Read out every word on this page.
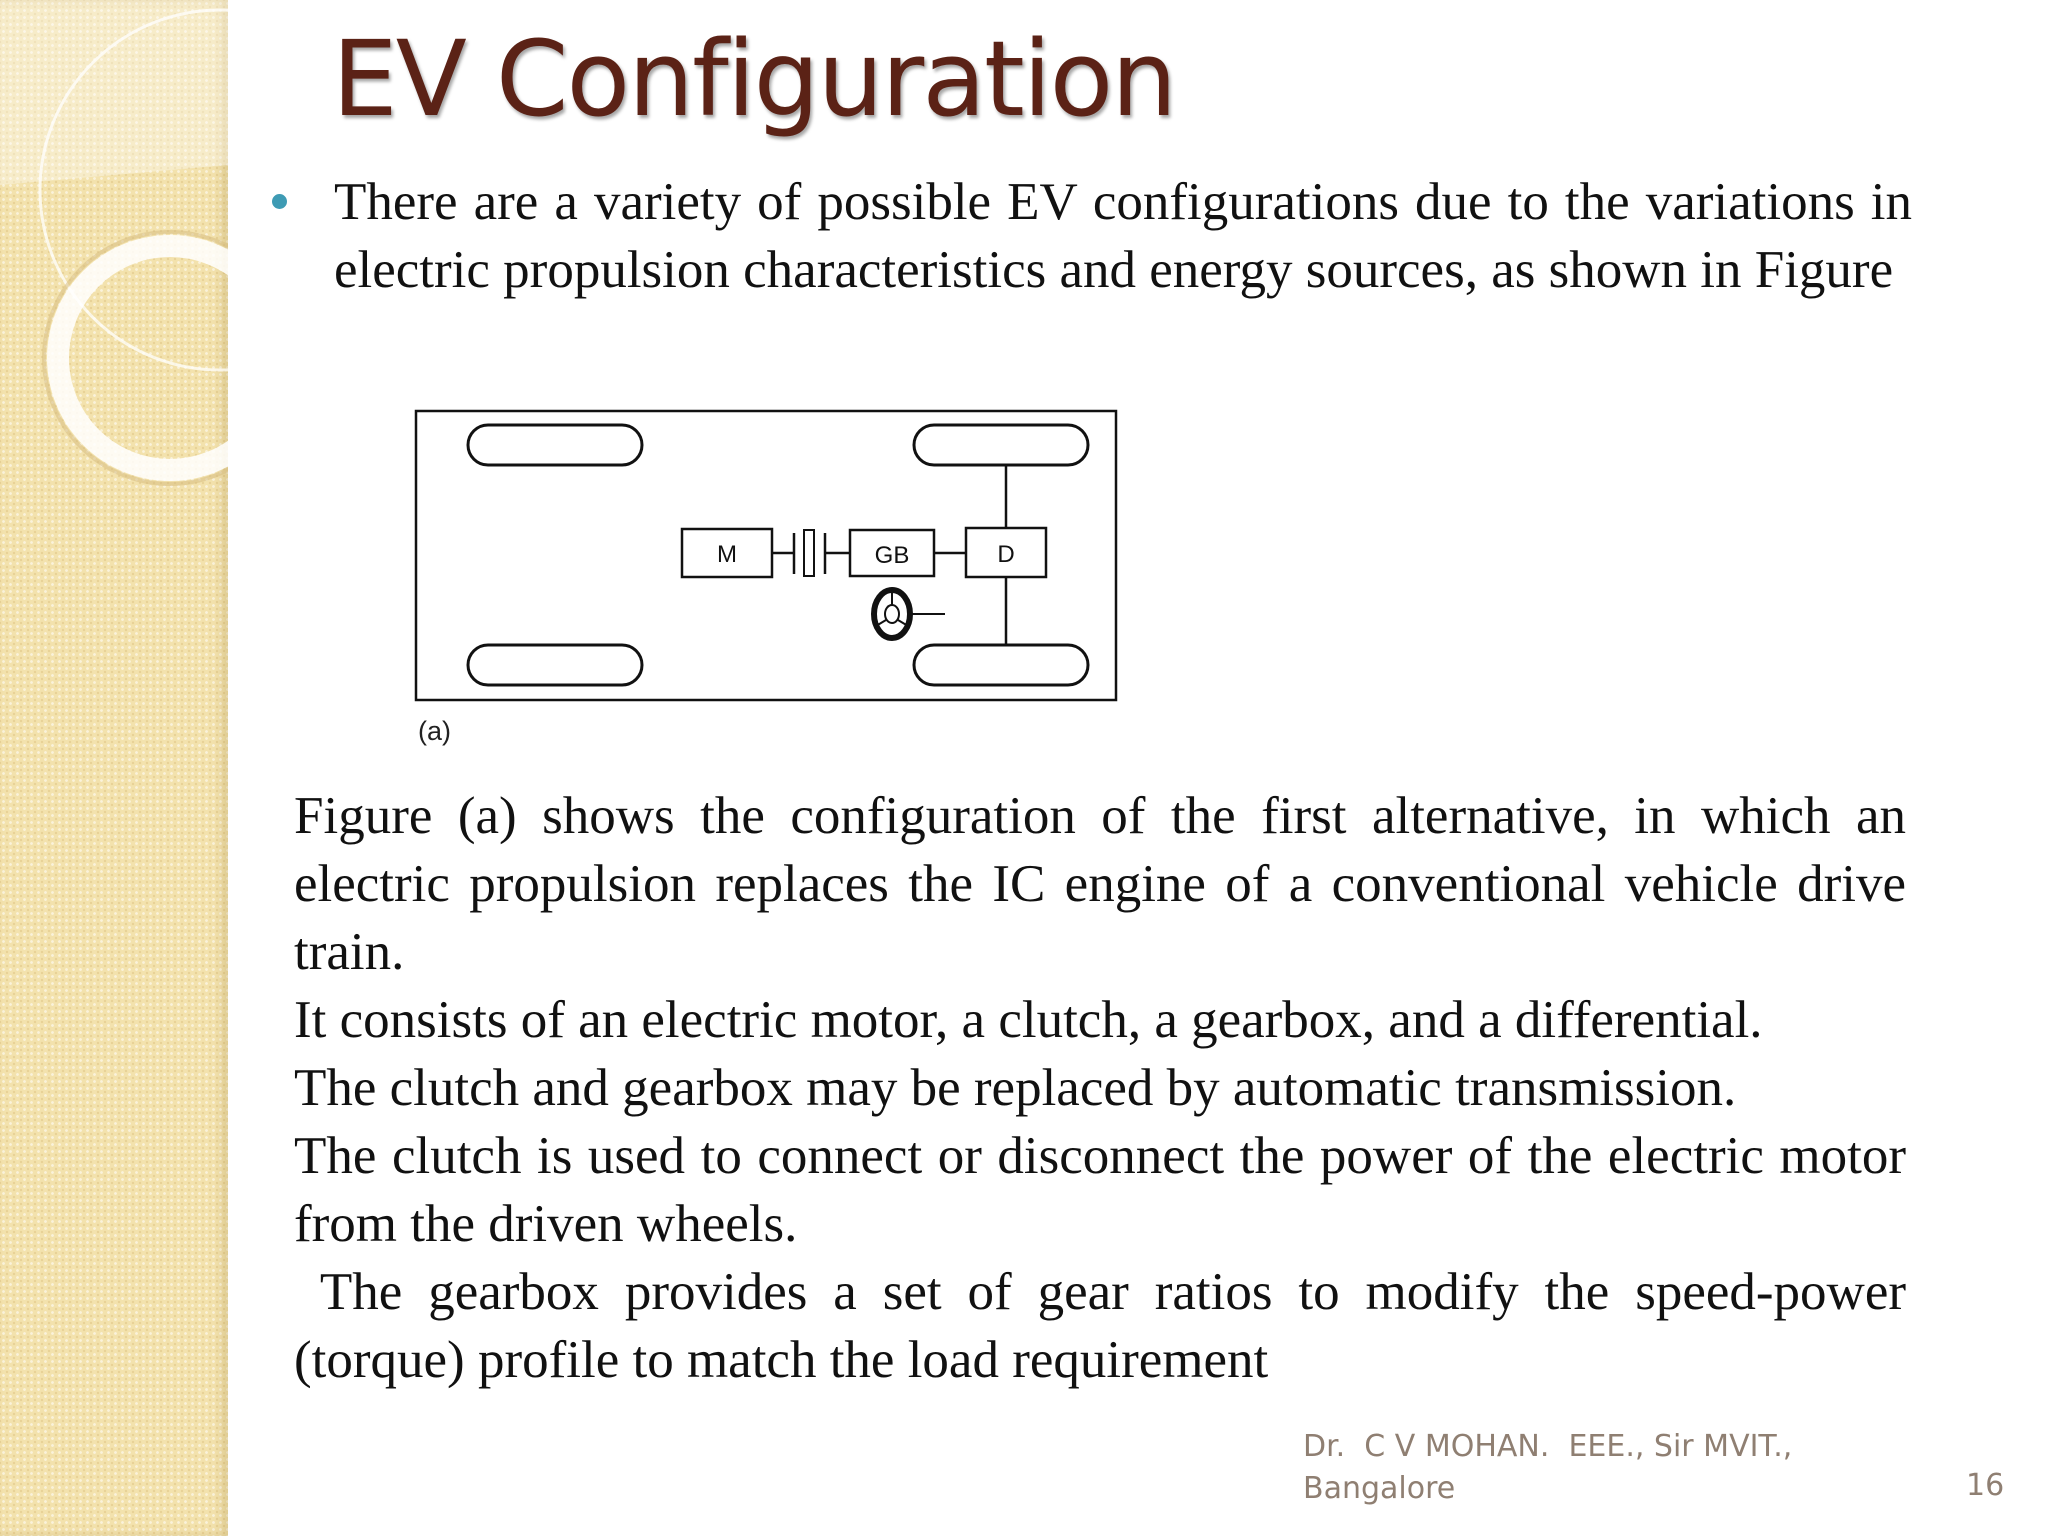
EV Configuration

There are a variety of possible EV configurations due to the variations in electric propulsion characteristics and energy sources, as shown in Figure

M	GB	D
(a)

Figure (a) shows the configuration of the first alternative, in which an electric propulsion replaces the IC engine of a conventional vehicle drive train.

It consists of an electric motor, a clutch, a gearbox, and a differential.

The clutch and gearbox may be replaced by automatic transmission.

The clutch is used to connect or disconnect the power of the electric motor from the driven wheels.

The gearbox provides a set of gear ratios to modify the speed-power (torque) profile to match the load requirement

Dr.  C V MOHAN.  EEE., Sir MVIT.,
Bangalore	16
